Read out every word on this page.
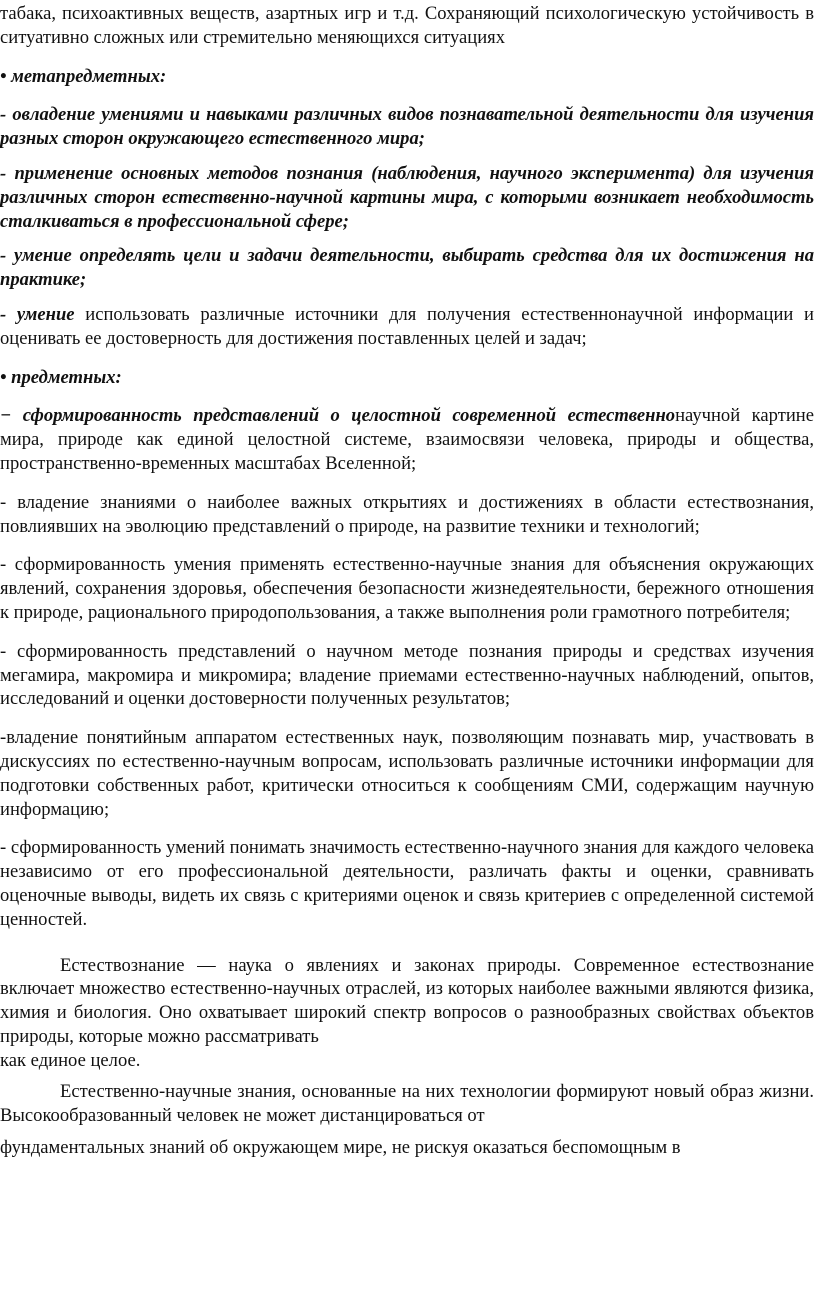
табака, психоактивных веществ, азартных игр и т.д. Сохраняющий психологическую устойчивость в ситуативно сложных или стремительно меняющихся ситуациях

• метапредметных:

- овладение умениями и навыками различных видов познавательной деятельности для изучения разных сторон окружающего естественного мира;

- применение основных методов познания (наблюдения, научного эксперимента) для изучения различных сторон естественно-научной картины мира, с которыми возникает необходимость сталкиваться в профессиональной сфере;

- умение определять цели и задачи деятельности, выбирать средства для их достижения на практике;

- умение использовать различные источники для получения естественнонаучной информации и оценивать ее достоверность для достижения поставленных целей и задач;

• предметных:

− сформированность представлений о целостной современной естественнонаучной картине мира, природе как единой целостной системе, взаимосвязи человека, природы и общества, пространственно-временных масштабах Вселенной;

- владение знаниями о наиболее важных открытиях и достижениях в области естествознания, повлиявших на эволюцию представлений о природе, на развитие техники и технологий;

- сформированность умения применять естественно-научные знания для объяснения окружающих явлений, сохранения здоровья, обеспечения безопасности жизнедеятельности, бережного отношения к природе, рационального природопользования, а также выполнения роли грамотного потребителя;

- сформированность представлений о научном методе познания природы и средствах изучения мегамира, макромира и микромира; владение приемами естественно-научных наблюдений, опытов, исследований и оценки достоверности полученных результатов;

-владение понятийным аппаратом естественных наук, позволяющим познавать мир, участвовать в дискуссиях по естественно-научным вопросам, использовать различные источники информации для подготовки собственных работ, критически относиться к сообщениям СМИ, содержащим научную информацию;

- сформированность умений понимать значимость естественно-научного знания для каждого человека независимо от его профессиональной деятельности, различать факты и оценки, сравнивать оценочные выводы, видеть их связь с критериями оценок и связь критериев с определенной системой ценностей.

Естествознание — наука о явлениях и законах природы. Современное естествознание включает множество естественно-научных отраслей, из которых наиболее важными являются физика, химия и биология. Оно охватывает широкий спектр вопросов о разнообразных свойствах объектов природы, которые можно рассматривать

как единое целое.

Естественно-научные знания, основанные на них технологии формируют новый образ жизни. Высокообразованный человек не может дистанцироваться от

фундаментальных знаний об окружающем мире, не рискуя оказаться беспомощным в
